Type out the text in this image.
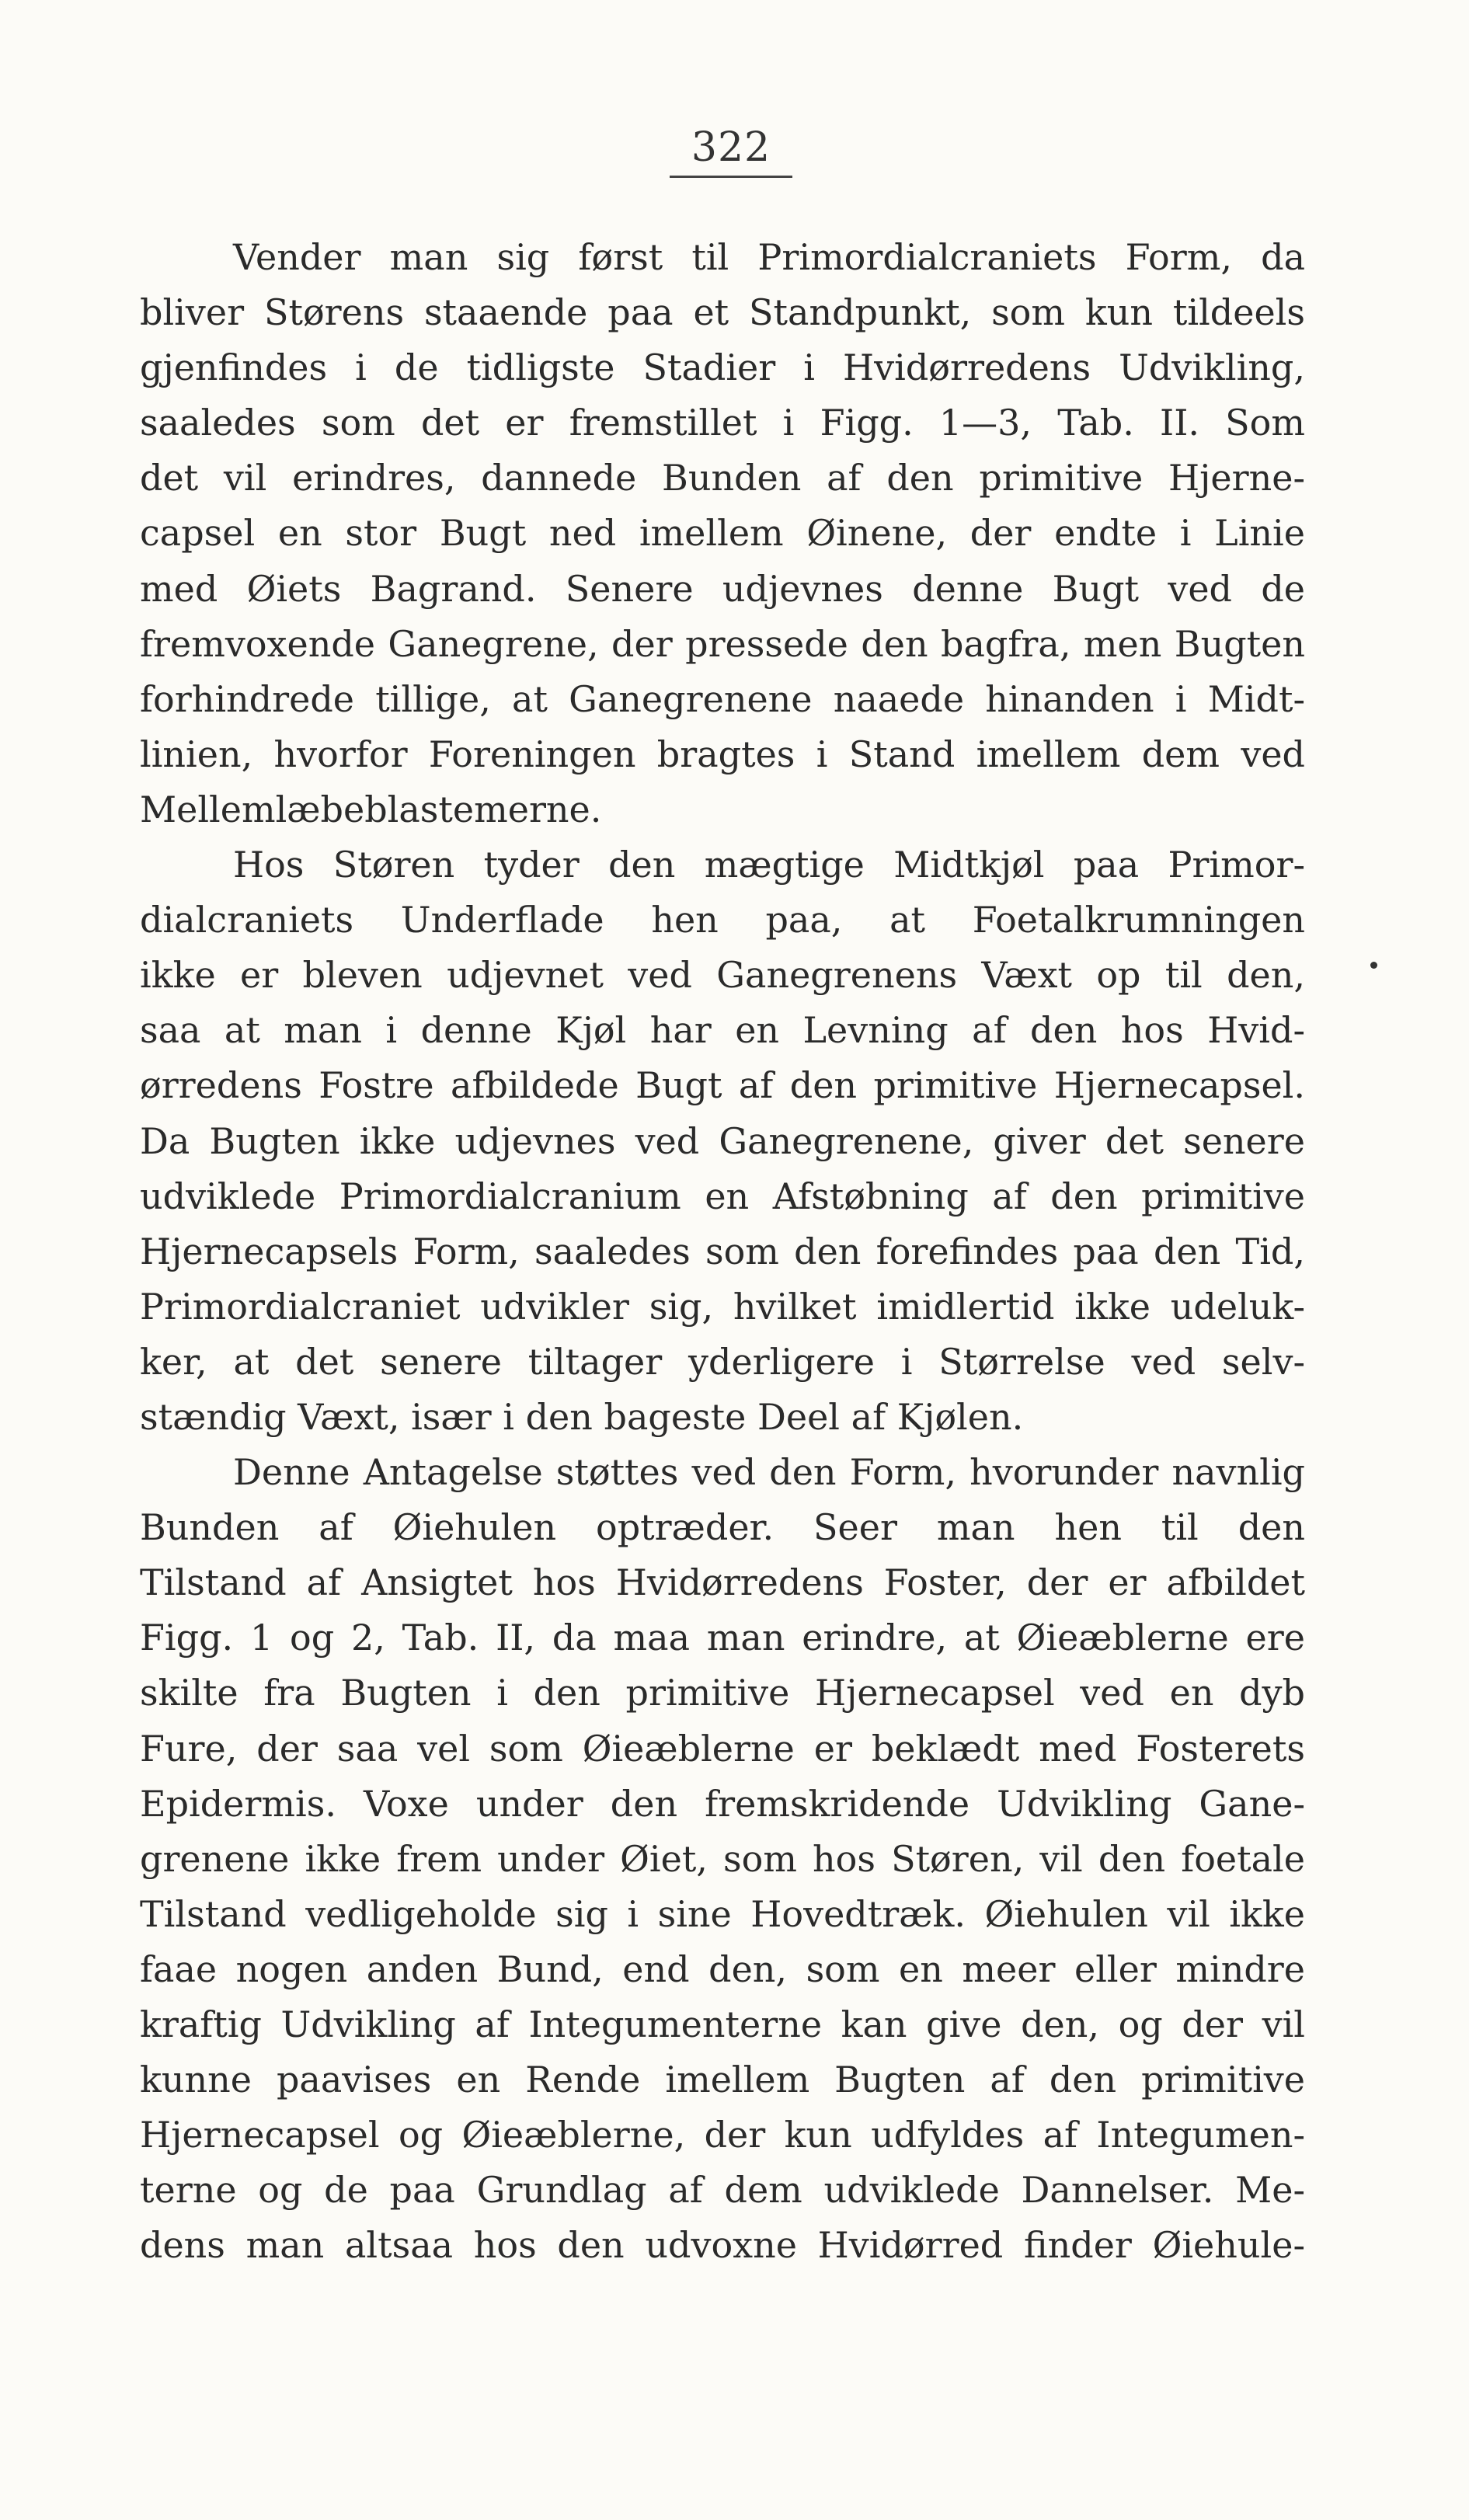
322
Vender man sig først til Primordialcraniets Form, da
bliver Størens staaende paa et Standpunkt, som kun tildeels
gjenfindes i de tidligste Stadier i Hvidørredens Udvikling,
saaledes som det er fremstillet i Figg. 1—3, Tab. II. Som
det vil erindres, dannede Bunden af den primitive Hjerne-
capsel en stor Bugt ned imellem Øinene, der endte i Linie
med Øiets Bagrand. Senere udjevnes denne Bugt ved de
fremvoxende Ganegrene, der pressede den bagfra, men Bugten
forhindrede tillige, at Ganegrenene naaede hinanden i Midt-
linien, hvorfor Foreningen bragtes i Stand imellem dem ved
Mellemlæbeblastemerne.
Hos Støren tyder den mægtige Midtkjøl paa Primor-
dialcraniets Underflade hen paa, at Foetalkrumningen
ikke er bleven udjevnet ved Ganegrenens Væxt op til den,
saa at man i denne Kjøl har en Levning af den hos Hvid-
ørredens Fostre afbildede Bugt af den primitive Hjernecapsel.
Da Bugten ikke udjevnes ved Ganegrenene, giver det senere
udviklede Primordialcranium en Afstøbning af den primitive
Hjernecapsels Form, saaledes som den forefindes paa den Tid,
Primordialcraniet udvikler sig, hvilket imidlertid ikke udeluk-
ker, at det senere tiltager yderligere i Størrelse ved selv-
stændig Væxt, især i den bageste Deel af Kjølen.
Denne Antagelse støttes ved den Form, hvorunder navnlig
Bunden af Øiehulen optræder. Seer man hen til den
Tilstand af Ansigtet hos Hvidørredens Foster, der er afbildet
Figg. 1 og 2, Tab. II, da maa man erindre, at Øieæblerne ere
skilte fra Bugten i den primitive Hjernecapsel ved en dyb
Fure, der saa vel som Øieæblerne er beklædt med Fosterets
Epidermis. Voxe under den fremskridende Udvikling Gane-
grenene ikke frem under Øiet, som hos Støren, vil den foetale
Tilstand vedligeholde sig i sine Hovedtræk. Øiehulen vil ikke
faae nogen anden Bund, end den, som en meer eller mindre
kraftig Udvikling af Integumenterne kan give den, og der vil
kunne paavises en Rende imellem Bugten af den primitive
Hjernecapsel og Øieæblerne, der kun udfyldes af Integumen-
terne og de paa Grundlag af dem udviklede Dannelser. Me-
dens man altsaa hos den udvoxne Hvidørred finder Øiehule-
